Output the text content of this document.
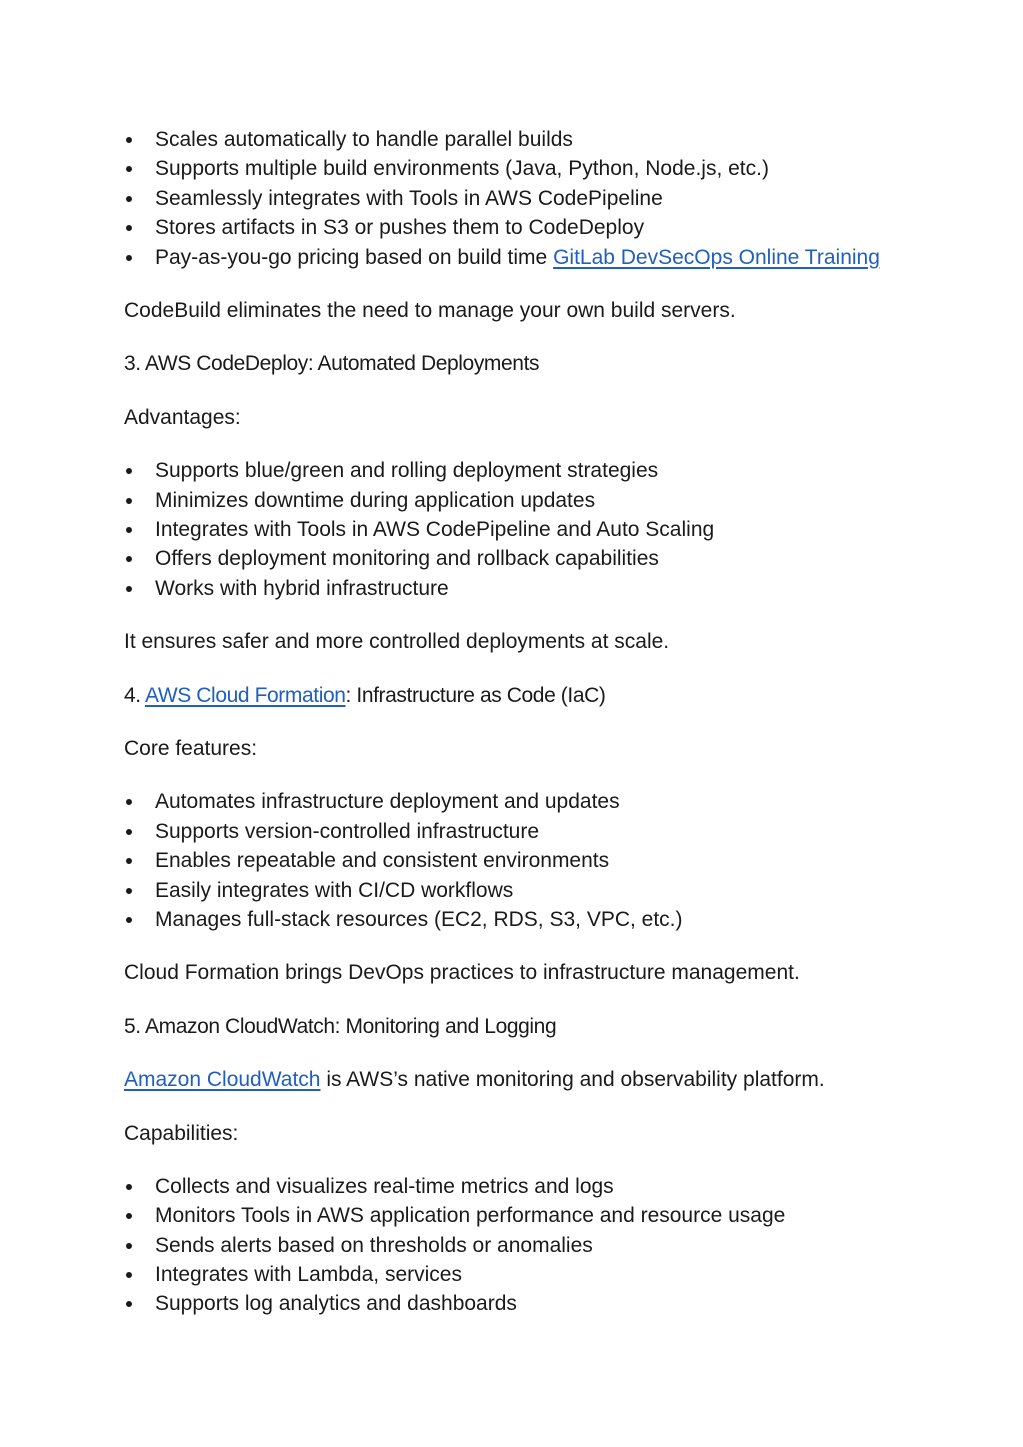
Scales automatically to handle parallel builds
Supports multiple build environments (Java, Python, Node.js, etc.)
Seamlessly integrates with Tools in AWS CodePipeline
Stores artifacts in S3 or pushes them to CodeDeploy
Pay-as-you-go pricing based on build time GitLab DevSecOps Online Training

CodeBuild eliminates the need to manage your own build servers.

3. AWS CodeDeploy: Automated Deployments

Advantages:

Supports blue/green and rolling deployment strategies
Minimizes downtime during application updates
Integrates with Tools in AWS CodePipeline and Auto Scaling
Offers deployment monitoring and rollback capabilities
Works with hybrid infrastructure

It ensures safer and more controlled deployments at scale.

4. AWS Cloud Formation: Infrastructure as Code (IaC)

Core features:

Automates infrastructure deployment and updates
Supports version-controlled infrastructure
Enables repeatable and consistent environments
Easily integrates with CI/CD workflows
Manages full-stack resources (EC2, RDS, S3, VPC, etc.)

Cloud Formation brings DevOps practices to infrastructure management.

5. Amazon CloudWatch: Monitoring and Logging

Amazon CloudWatch is AWS’s native monitoring and observability platform.

Capabilities:

Collects and visualizes real-time metrics and logs
Monitors Tools in AWS application performance and resource usage
Sends alerts based on thresholds or anomalies
Integrates with Lambda, services
Supports log analytics and dashboards
